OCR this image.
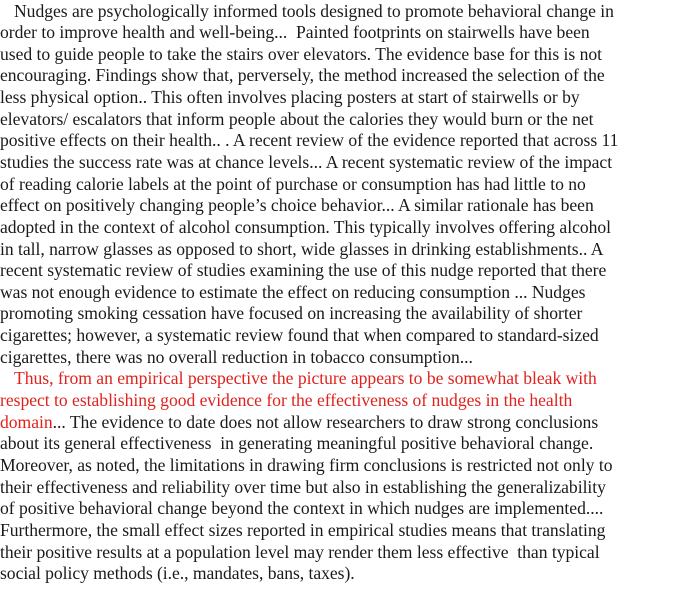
Nudges are psychologically informed tools designed to promote behavioral change in
order to improve health and well-being...  Painted footprints on stairwells have been
used to guide people to take the stairs over elevators. The evidence base for this is not
encouraging. Findings show that, perversely, the method increased the selection of the
less physical option.. This often involves placing posters at start of stairwells or by
elevators/ escalators that inform people about the calories they would burn or the net
positive effects on their health.. . A recent review of the evidence reported that across 11
studies the success rate was at chance levels... A recent systematic review of the impact
of reading calorie labels at the point of purchase or consumption has had little to no
effect on positively changing people’s choice behavior... A similar rationale has been
adopted in the context of alcohol consumption. This typically involves offering alcohol
in tall, narrow glasses as opposed to short, wide glasses in drinking establishments.. A
recent systematic review of studies examining the use of this nudge reported that there
was not enough evidence to estimate the effect on reducing consumption ... Nudges
promoting smoking cessation have focused on increasing the availability of shorter
cigarettes; however, a systematic review found that when compared to standard-sized
cigarettes, there was no overall reduction in tobacco consumption...
Thus, from an empirical perspective the picture appears to be somewhat bleak with
respect to establishing good evidence for the effectiveness of nudges in the health
domain... The evidence to date does not allow researchers to draw strong conclusions
about its general effectiveness  in generating meaningful positive behavioral change.
Moreover, as noted, the limitations in drawing firm conclusions is restricted not only to
their effectiveness and reliability over time but also in establishing the generalizability
of positive behavioral change beyond the context in which nudges are implemented....
Furthermore, the small effect sizes reported in empirical studies means that translating
their positive results at a population level may render them less effective  than typical
social policy methods (i.e., mandates, bans, taxes).
